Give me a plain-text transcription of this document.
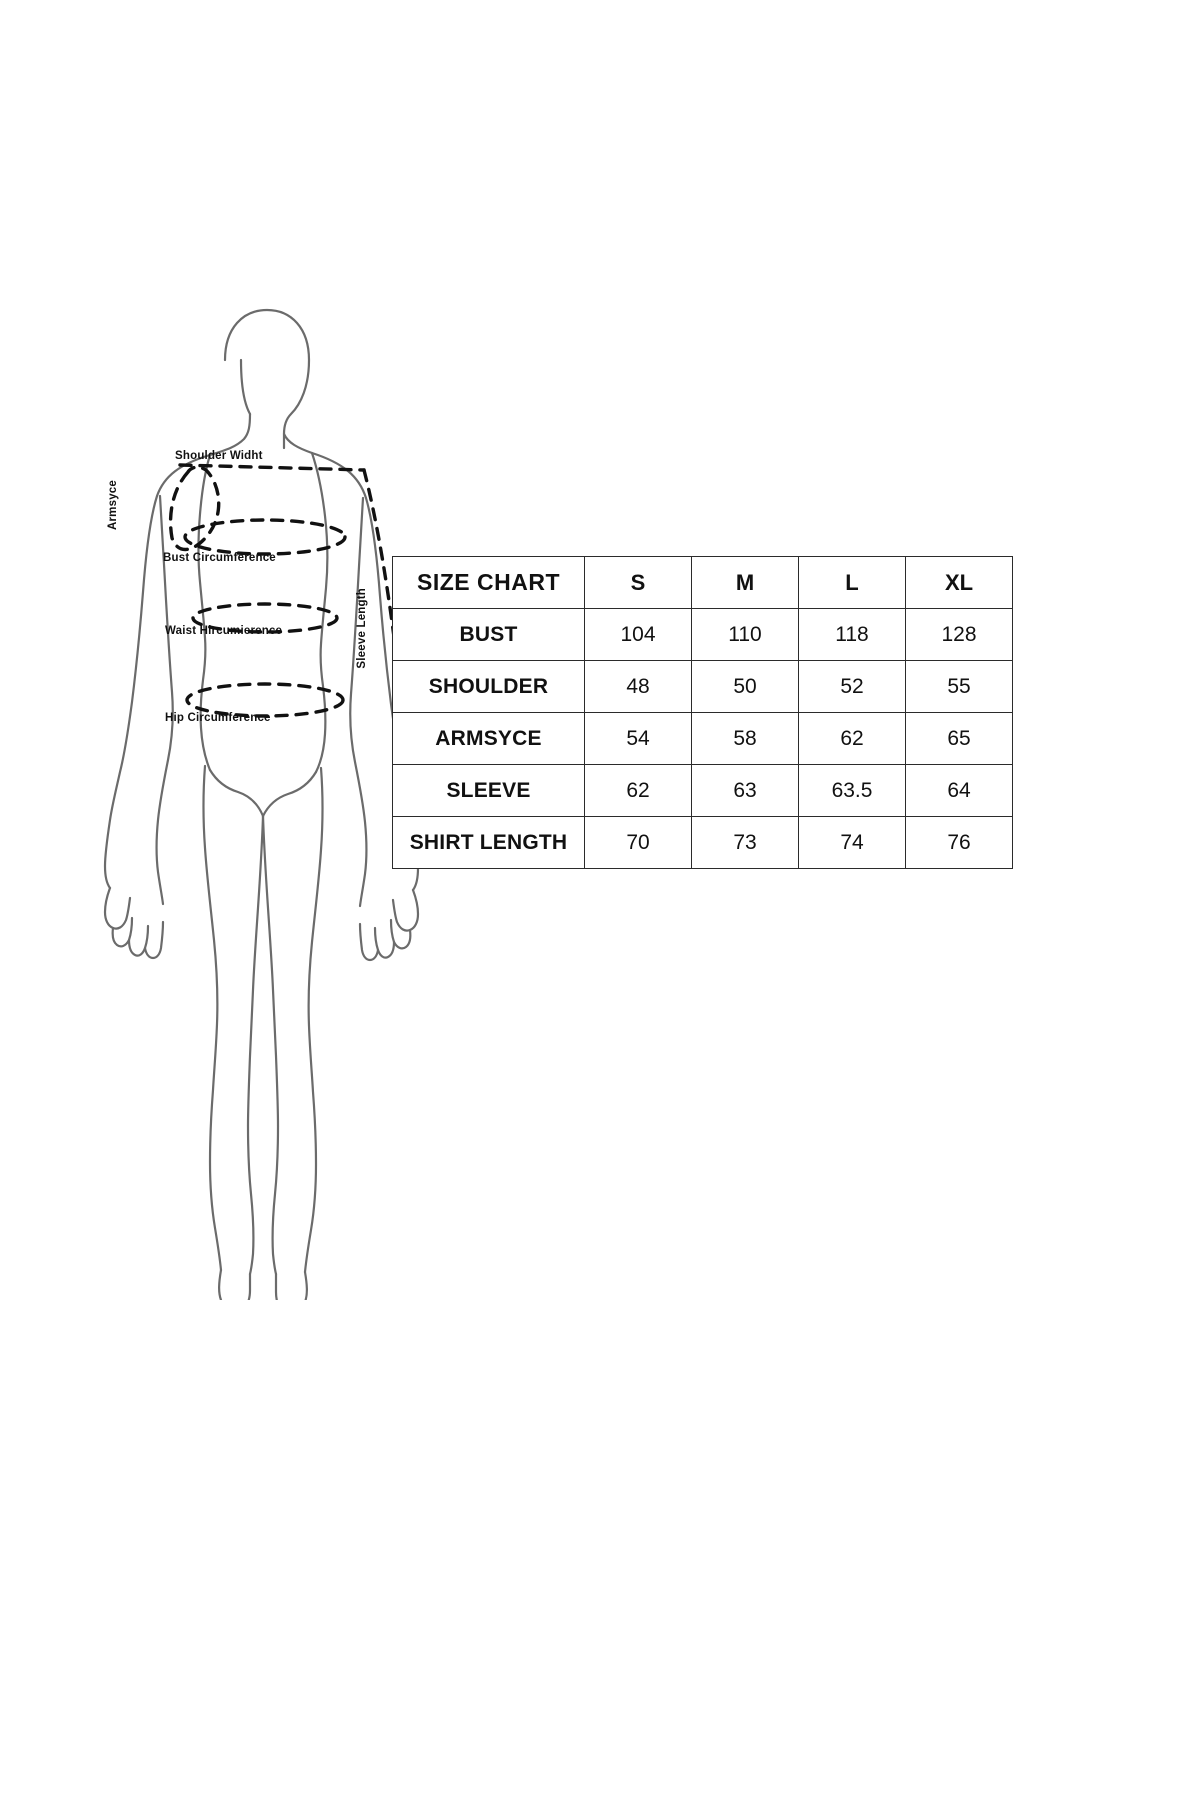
Shoulder Widht
Armsyce
Bust Circumference
Waist Hircumierence
Hip Circumference
Sleeve Length
SIZE CHART	S	M	L	XL
BUST	104	110	118	128
SHOULDER	48	50	52	55
ARMSYCE	54	58	62	65
SLEEVE	62	63	63.5	64
SHIRT LENGTH	70	73	74	76
